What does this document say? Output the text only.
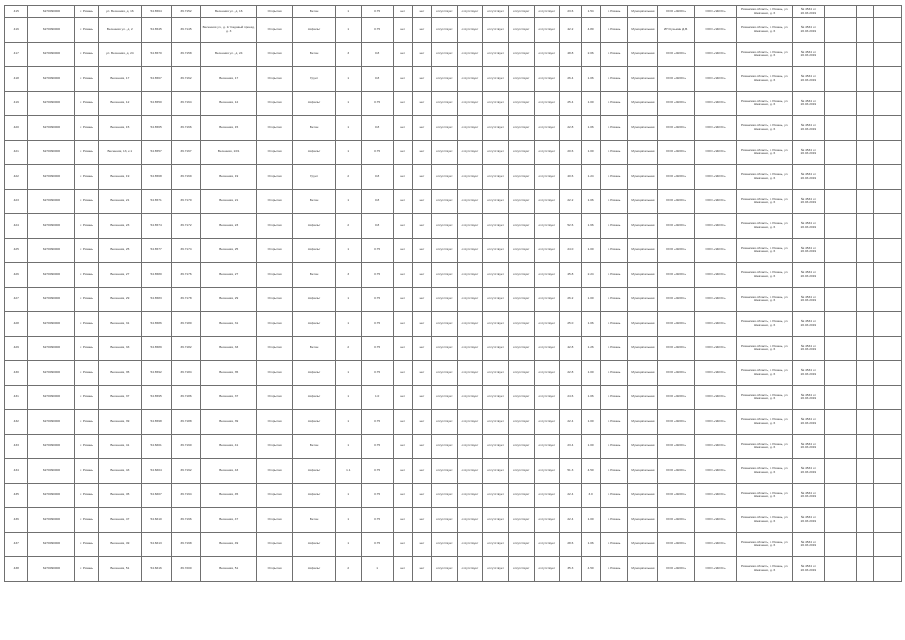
415	6270090000	г. Рязань	ул. Весенняя, д. 16	54.6564	39.7152	Весенняя ул., д. 16	Открытая	Бетон	1	0.75	нет	нет	отсутствует	отсутствует	отсутствует	отсутствует	отсутствует	23.6	1.54	г. Рязань	Муниципальная	ООО «ЭКОС»	ООО «ЭКОС»	Рязанская область, г. Рязань, ул. Шевченко, д. 6	№ 4534 от 20.03.2019			
416	6270090000	г. Рязань	Весенняя ул., д. 2	54.6545	39.7145	Весенняя ул., д. 1/ Садовый проезд, д. 3	Открытая	Асфальт	1	0.75	нет	нет	отсутствует	отсутствует	отсутствует	отсутствует	отсутствует	42.2	4.80	г. Рязань	Муниципальная	ИП Кузьмин Д.В.	ООО «ЭКОС»	Рязанская область, г. Рязань, ул. Шевченко, д. 6	№ 4534 от 20.03.2019			
417	6270090000	г. Рязань	ул. Весенняя, д. 24	54.6570	39.7158	Весенняя ул., д. 24	Открытая	Бетон	3	0.8	нет	нет	отсутствует	отсутствует	отсутствует	отсутствует	отсутствует	48.8	2.06	г. Рязань	Муниципальная	ООО «ЭКОС»	ООО «ЭКОС»	Рязанская область, г. Рязань, ул. Шевченко, д. 6	№ 4534 от 20.03.2019			
418	6270090000	г. Рязань	Весенняя, 17	54.6567	39.7162	Весенняя, 17	Открытая	Грунт	1	0.8	нет	нет	отсутствует	отсутствует	отсутствует	отсутствует	отсутствует	26.4	1.06	г. Рязань	Муниципальная	ООО «ЭКОС»	ООО «ЭКОС»	Рязанская область, г. Рязань, ул. Шевченко, д. 6	№ 4534 от 20.03.2019			
419	6270090000	г. Рязань	Весенняя, 12	54.6550	39.7164	Весенняя, 12	Открытая	Асфальт	1	0.75	нет	нет	отсутствует	отсутствует	отсутствует	отсутствует	отсутствует	25.4	1.00	г. Рязань	Муниципальная	ООО «ЭКОС»	ООО «ЭКОС»	Рязанская область, г. Рязань, ул. Шевченко, д. 6	№ 4534 от 20.03.2019			
420	6270090000	г. Рязань	Весенняя, 15	54.6565	39.7166	Весенняя, 15	Открытая	Бетон	1	0.8	нет	нет	отсутствует	отсутствует	отсутствует	отсутствует	отсутствует	22.8	1.06	г. Рязань	Муниципальная	ООО «ЭКОС»	ООО «ЭКОС»	Рязанская область, г. Рязань, ул. Шевченко, д. 6	№ 4534 от 20.03.2019			
421	6270090000	г. Рязань	Весенняя, 13, к.1	54.6557	39.7167	Весенняя, 13/1	Открытая	Асфальт	1	0.75	нет	нет	отсутствует	отсутствует	отсутствует	отсутствует	отсутствует	20.6	1.00	г. Рязань	Муниципальная	ООО «ЭКОС»	ООО «ЭКОС»	Рязанская область, г. Рязань, ул. Шевченко, д. 6	№ 4534 от 20.03.2019			
422	6270090000	г. Рязань	Весенняя, 19	54.6568	39.7169	Весенняя, 19	Открытая	Грунт	2	0.8	нет	нет	отсутствует	отсутствует	отсутствует	отсутствует	отсутствует	40.6	1.24	г. Рязань	Муниципальная	ООО «ЭКОС»	ООО «ЭКОС»	Рязанская область, г. Рязань, ул. Шевченко, д. 6	№ 4534 от 20.03.2019			
423	6270090000	г. Рязань	Весенняя, 21	54.6571	39.7170	Весенняя, 21	Открытая	Бетон	1	0.8	нет	нет	отсутствует	отсутствует	отсутствует	отсутствует	отсутствует	22.2	1.06	г. Рязань	Муниципальная	ООО «ЭКОС»	ООО «ЭКОС»	Рязанская область, г. Рязань, ул. Шевченко, д. 6	№ 4534 от 20.03.2019			
424	6270090000	г. Рязань	Весенняя, 23	54.6574	39.7172	Весенняя, 23	Открытая	Асфальт	2	0.8	нет	нет	отсутствует	отсутствует	отсутствует	отсутствует	отсутствует	52.6	1.66	г. Рязань	Муниципальная	ООО «ЭКОС»	ООО «ЭКОС»	Рязанская область, г. Рязань, ул. Шевченко, д. 6	№ 4534 от 20.03.2019			
425	6270090000	г. Рязань	Весенняя, 25	54.6577	39.7174	Весенняя, 25	Открытая	Асфальт	1	0.75	нет	нет	отсутствует	отсутствует	отсутствует	отсутствует	отсутствует	24.0	1.00	г. Рязань	Муниципальная	ООО «ЭКОС»	ООО «ЭКОС»	Рязанская область, г. Рязань, ул. Шевченко, д. 6	№ 4534 от 20.03.2019			
426	6270090000	г. Рязань	Весенняя, 27	54.6580	39.7176	Весенняя, 27	Открытая	Бетон	3	0.75	нет	нет	отсутствует	отсутствует	отсутствует	отсутствует	отсутствует	45.8	2.24	г. Рязань	Муниципальная	ООО «ЭКОС»	ООО «ЭКОС»	Рязанская область, г. Рязань, ул. Шевченко, д. 6	№ 4534 от 20.03.2019			
427	6270090000	г. Рязань	Весенняя, 29	54.6583	39.7178	Весенняя, 29	Открытая	Асфальт	1	0.75	нет	нет	отсутствует	отсутствует	отсутствует	отсутствует	отсутствует	26.2	1.00	г. Рязань	Муниципальная	ООО «ЭКОС»	ООО «ЭКОС»	Рязанская область, г. Рязань, ул. Шевченко, д. 6	№ 4534 от 20.03.2019			
428	6270090000	г. Рязань	Весенняя, 31	54.6586	39.7180	Весенняя, 31	Открытая	Асфальт	1	0.75	нет	нет	отсутствует	отсутствует	отсутствует	отсутствует	отсутствует	25.0	1.06	г. Рязань	Муниципальная	ООО «ЭКОС»	ООО «ЭКОС»	Рязанская область, г. Рязань, ул. Шевченко, д. 6	№ 4534 от 20.03.2019			
429	6270090000	г. Рязань	Весенняя, 33	54.6589	39.7182	Весенняя, 33	Открытая	Бетон	2	0.75	нет	нет	отсутствует	отсутствует	отсутствует	отсутствует	отсутствует	42.8	1.26	г. Рязань	Муниципальная	ООО «ЭКОС»	ООО «ЭКОС»	Рязанская область, г. Рязань, ул. Шевченко, д. 6	№ 4534 от 20.03.2019			
430	6270090000	г. Рязань	Весенняя, 35	54.6592	39.7184	Весенняя, 35	Открытая	Асфальт	1	0.75	нет	нет	отсутствует	отсутствует	отсутствует	отсутствует	отсутствует	22.8	1.00	г. Рязань	Муниципальная	ООО «ЭКОС»	ООО «ЭКОС»	Рязанская область, г. Рязань, ул. Шевченко, д. 6	№ 4534 от 20.03.2019			
431	6270090000	г. Рязань	Весенняя, 37	54.6595	39.7186	Весенняя, 37	Открытая	Асфальт	1	1.0	нет	нет	отсутствует	отсутствует	отсутствует	отсутствует	отсутствует	24.6	1.06	г. Рязань	Муниципальная	ООО «ЭКОС»	ООО «ЭКОС»	Рязанская область, г. Рязань, ул. Шевченко, д. 6	№ 4534 от 20.03.2019			
432	6270090000	г. Рязань	Весенняя, 39	54.6598	39.7188	Весенняя, 39	Открытая	Асфальт	1	0.75	нет	нет	отсутствует	отсутствует	отсутствует	отсутствует	отсутствует	22.4	1.00	г. Рязань	Муниципальная	ООО «ЭКОС»	ООО «ЭКОС»	Рязанская область, г. Рязань, ул. Шевченко, д. 6	№ 4534 от 20.03.2019			
433	6270090000	г. Рязань	Весенняя, 41	54.6601	39.7190	Весенняя, 41	Открытая	Бетон	1	0.75	нет	нет	отсутствует	отсутствует	отсутствует	отсутствует	отсутствует	23.4	1.00	г. Рязань	Муниципальная	ООО «ЭКОС»	ООО «ЭКОС»	Рязанская область, г. Рязань, ул. Шевченко, д. 6	№ 4534 от 20.03.2019			
434	6270090000	г. Рязань	Весенняя, 43	54.6604	39.7192	Весенняя, 43	Открытая	Асфальт	1.1	0.75	нет	нет	отсутствует	отсутствует	отсутствует	отсутствует	отсутствует	51.3	4.50	г. Рязань	Муниципальная	ООО «ЭКОС»	ООО «ЭКОС»	Рязанская область, г. Рязань, ул. Шевченко, д. 6	№ 4534 от 20.03.2019			
435	6270090000	г. Рязань	Весенняя, 45	54.6607	39.7194	Весенняя, 45	Открытая	Асфальт	1	0.75	нет	нет	отсутствует	отсутствует	отсутствует	отсутствует	отсутствует	22.4	3.0	г. Рязань	Муниципальная	ООО «ЭКОС»	ООО «ЭКОС»	Рязанская область, г. Рязань, ул. Шевченко, д. 6	№ 4534 от 20.03.2019			
436	6270090000	г. Рязань	Весенняя, 47	54.6610	39.7196	Весенняя, 47	Открытая	Бетон	1	0.75	нет	нет	отсутствует	отсутствует	отсутствует	отсутствует	отсутствует	22.4	1.00	г. Рязань	Муниципальная	ООО «ЭКОС»	ООО «ЭКОС»	Рязанская область, г. Рязань, ул. Шевченко, д. 6	№ 4534 от 20.03.2019			
437	6270090000	г. Рязань	Весенняя, 49	54.6613	39.7198	Весенняя, 49	Открытая	Асфальт	1	0.75	нет	нет	отсутствует	отсутствует	отсутствует	отсутствует	отсутствует	28.6	1.06	г. Рязань	Муниципальная	ООО «ЭКОС»	ООО «ЭКОС»	Рязанская область, г. Рязань, ул. Шевченко, д. 6	№ 4534 от 20.03.2019			
438	6270090000	г. Рязань	Весенняя, 51	54.6616	39.7200	Весенняя, 51	Открытая	Асфальт	2	1	нет	нет	отсутствует	отсутствует	отсутствует	отсутствует	отсутствует	35.3	4.50	г. Рязань	Муниципальная	ООО «ЭКОС»	ООО «ЭКОС»	Рязанская область, г. Рязань, ул. Шевченко, д. 6	№ 4534 от 20.03.2019			
